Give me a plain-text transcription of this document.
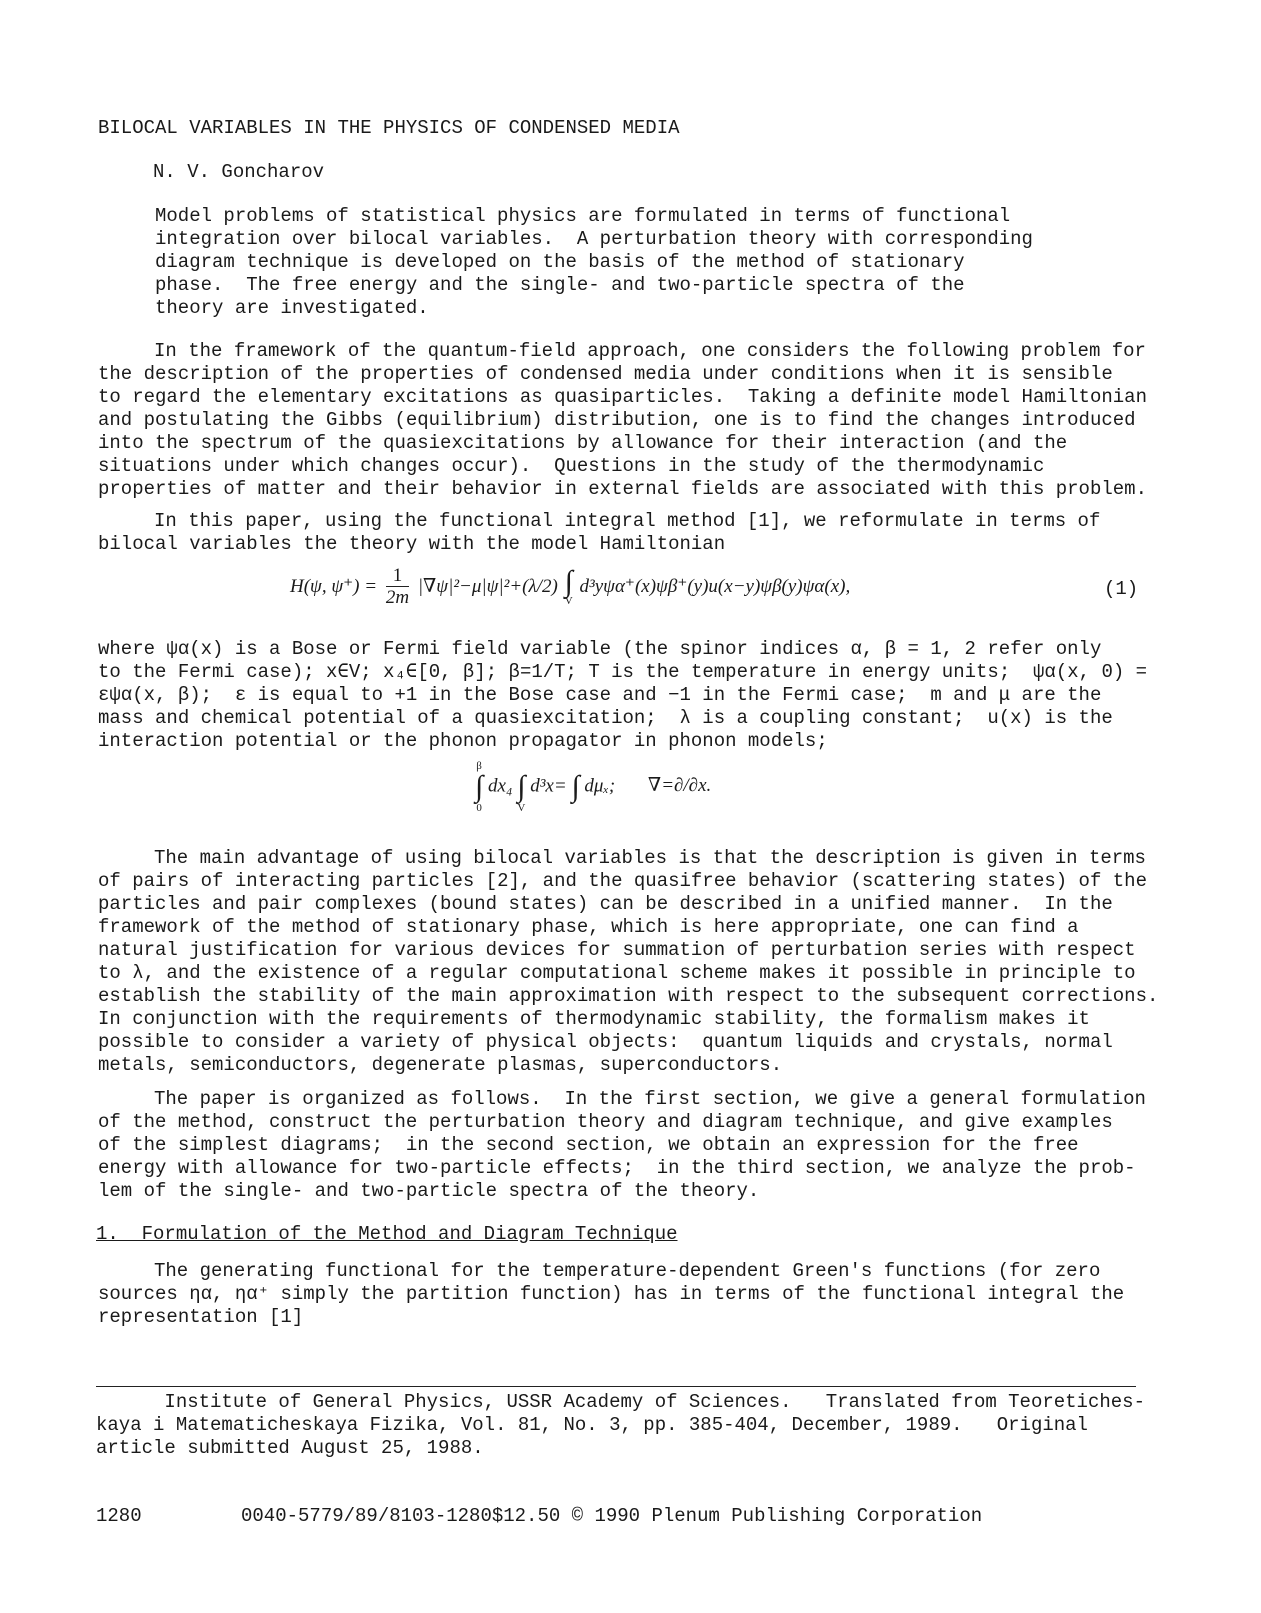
BILOCAL VARIABLES IN THE PHYSICS OF CONDENSED MEDIA
N. V. Goncharov
Model problems of statistical physics are formulated in terms of functional
integration over bilocal variables.  A perturbation theory with corresponding
diagram technique is developed on the basis of the method of stationary
phase.  The free energy and the single- and two-particle spectra of the
theory are investigated.
In the framework of the quantum-field approach, one considers the following problem for
the description of the properties of condensed media under conditions when it is sensible
to regard the elementary excitations as quasiparticles.  Taking a definite model Hamiltonian
and postulating the Gibbs (equilibrium) distribution, one is to find the changes introduced
into the spectrum of the quasiexcitations by allowance for their interaction (and the
situations under which changes occur).  Questions in the study of the thermodynamic
properties of matter and their behavior in external fields are associated with this problem.
In this paper, using the functional integral method [1], we reformulate in terms of
bilocal variables the theory with the model Hamiltonian
H(ψ, $\psi^+) = \frac{1}{2m} |\nabla\psi|^2-\mu|\psi|^2+(\lambda/2)$ ∫
V
d³yψα⁺(x)ψβ⁺(y)u(x−y)ψβ(y)ψα(x),	(1)
where ψα(x) is a Bose or Fermi field variable (the spinor indices α, β = 1, 2 refer only
to the Fermi case); x∈V; x₄∈[0, β]; β=1/T; T is the temperature in energy units;  ψα(x, 0) =
εψα(x, β);  ε is equal to +1 in the Bose case and −1 in the Fermi case;  m and μ are the
mass and chemical potential of a quasiexcitation;  λ is a coupling constant;  u(x) is the
interaction potential or the phonon propagator in phonon models;
β
∫
0
dx₄
∫
V
d³x=
∫
dμₓ; ∇=∂/∂x.
The main advantage of using bilocal variables is that the description is given in terms
of pairs of interacting particles [2], and the quasifree behavior (scattering states) of the
particles and pair complexes (bound states) can be described in a unified manner.  In the
framework of the method of stationary phase, which is here appropriate, one can find a
natural justification for various devices for summation of perturbation series with respect
to λ, and the existence of a regular computational scheme makes it possible in principle to
establish the stability of the main approximation with respect to the subsequent corrections.
In conjunction with the requirements of thermodynamic stability, the formalism makes it
possible to consider a variety of physical objects:  quantum liquids and crystals, normal
metals, semiconductors, degenerate plasmas, superconductors.
The paper is organized as follows.  In the first section, we give a general formulation
of the method, construct the perturbation theory and diagram technique, and give examples
of the simplest diagrams;  in the second section, we obtain an expression for the free
energy with allowance for two-particle effects;  in the third section, we analyze the prob-
lem of the single- and two-particle spectra of the theory.
1.  Formulation of the Method and Diagram Technique
The generating functional for the temperature-dependent Green's functions (for zero
sources ηα, ηα⁺ simply the partition function) has in terms of the functional integral the
representation [1]
Institute of General Physics, USSR Academy of Sciences.   Translated from Teoretiches-
kaya i Matematicheskaya Fizika, Vol. 81, No. 3, pp. 385-404, December, 1989.   Original
article submitted August 25, 1988.
1280	0040-5779/89/8103-1280$12.50 © 1990 Plenum Publishing Corporation
